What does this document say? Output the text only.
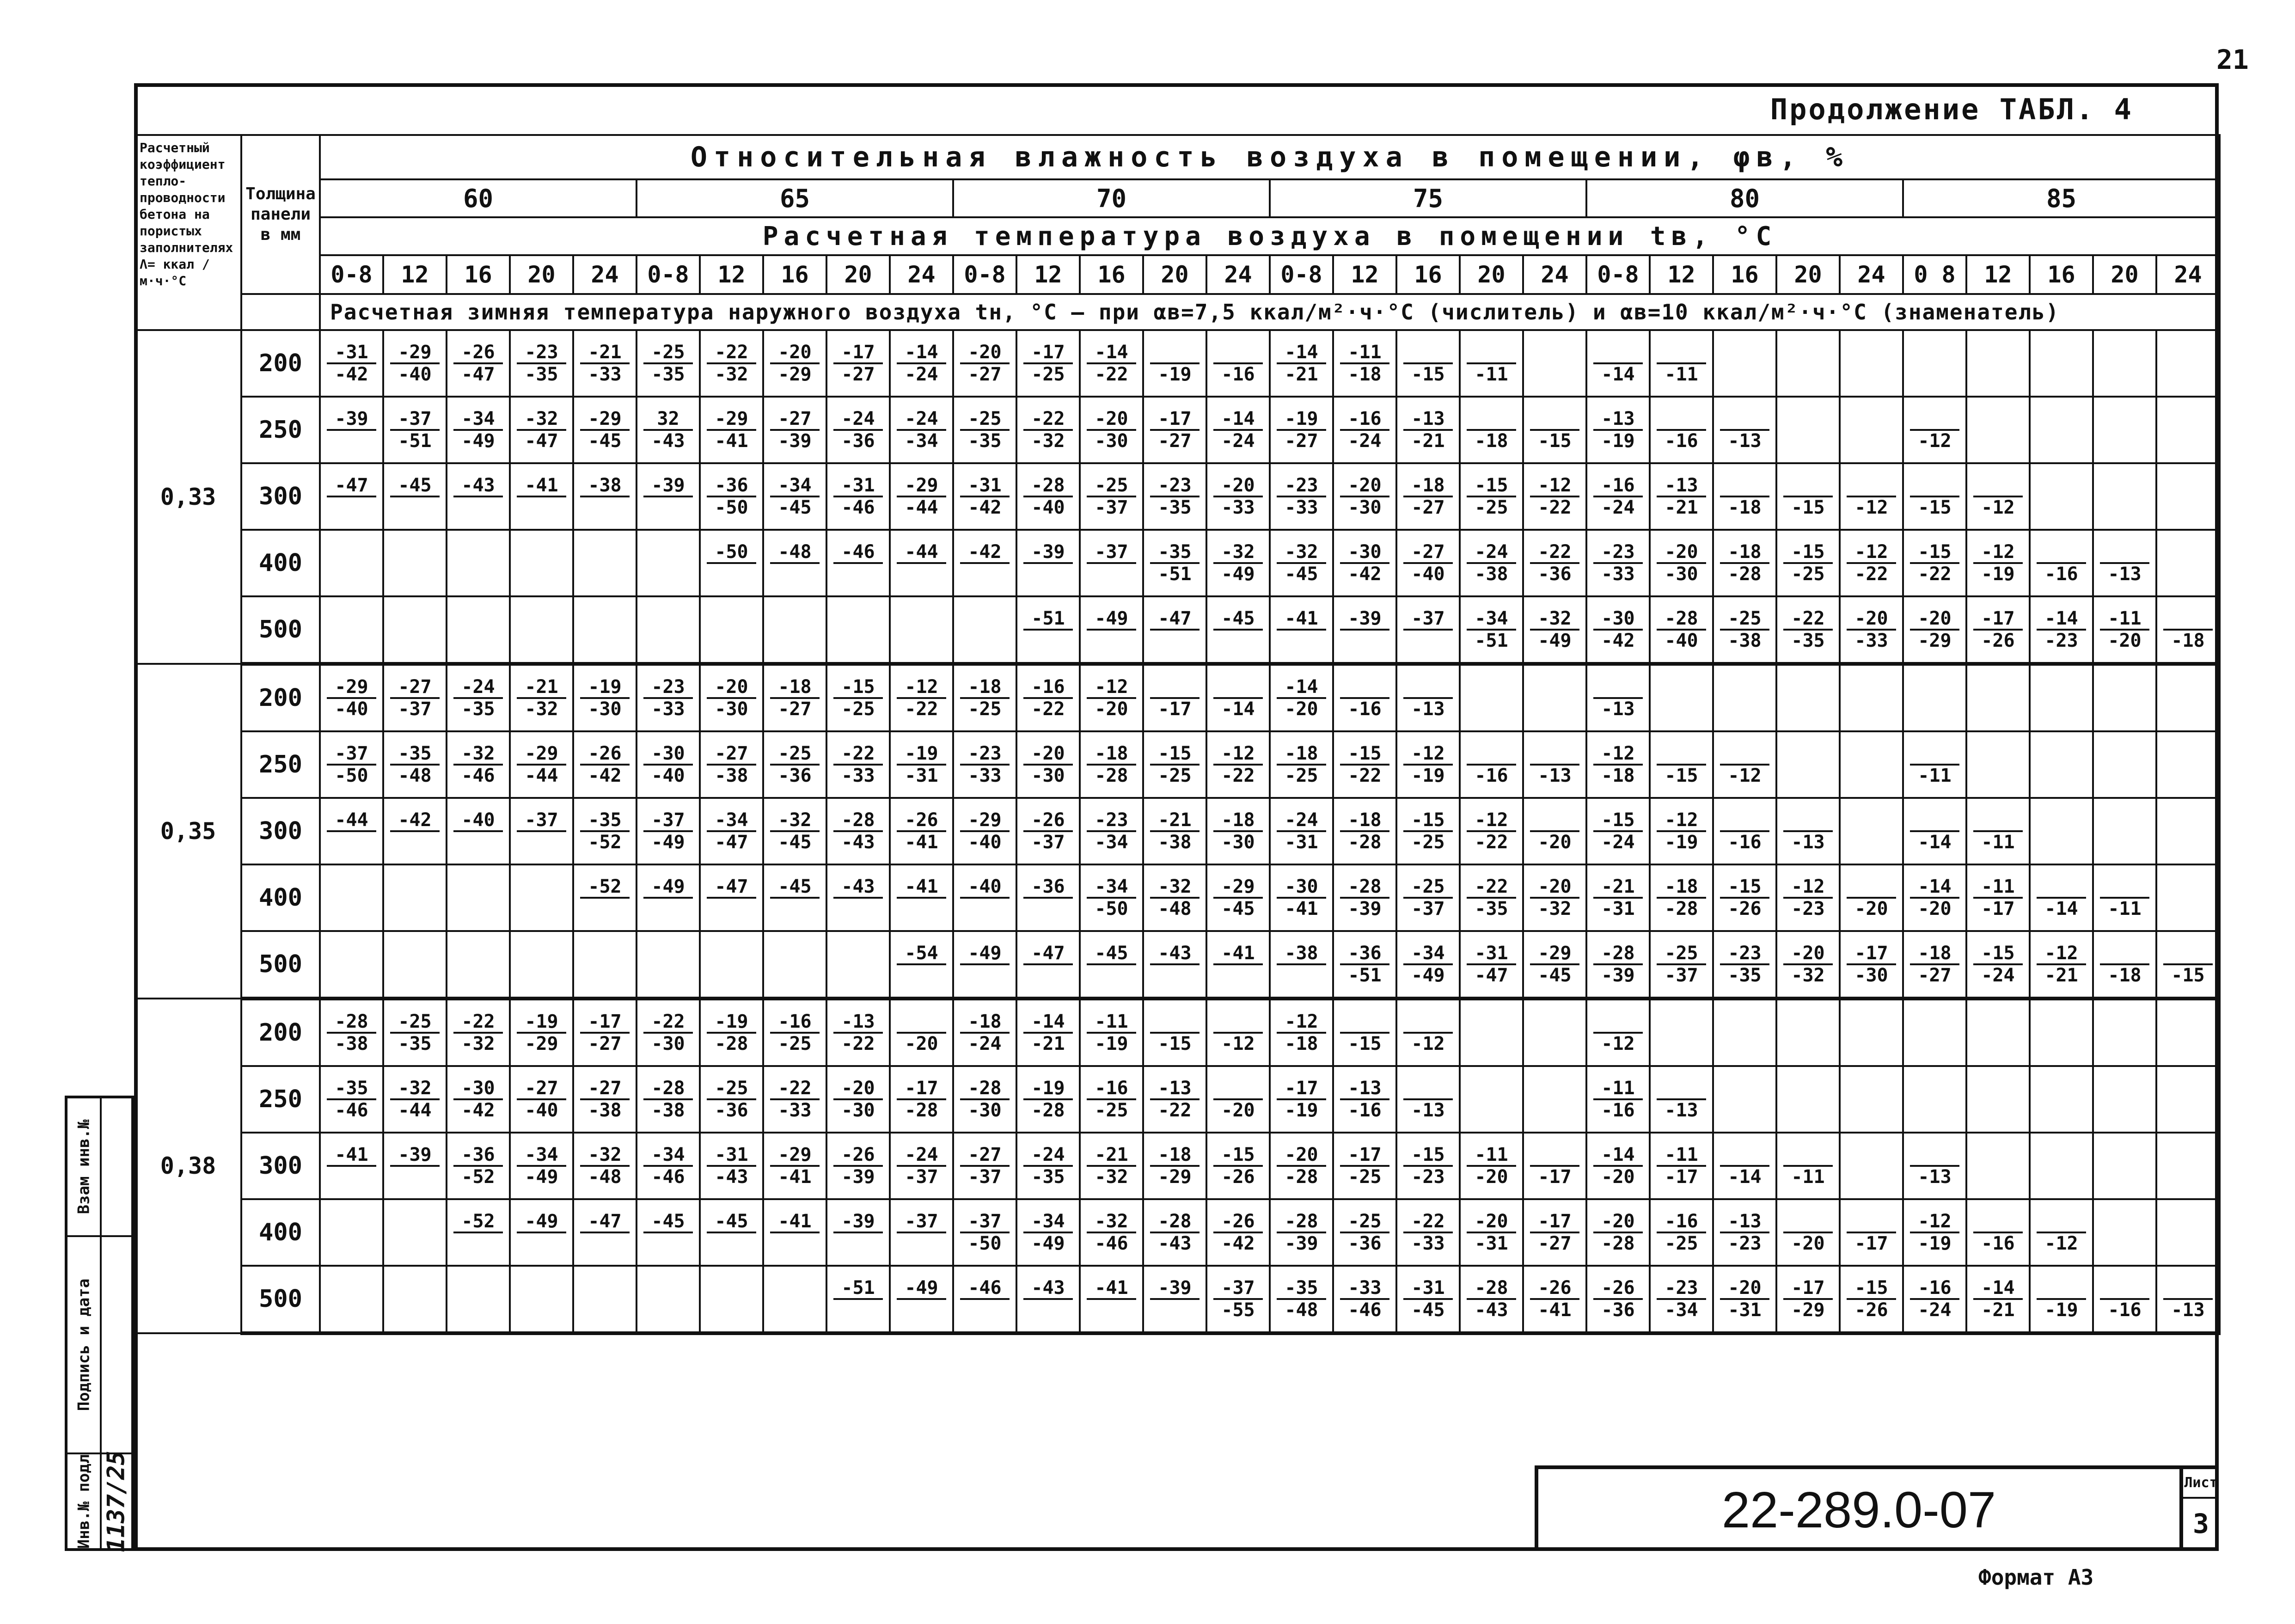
21
Продолжение ТАБЛ. 4
Расчетный коэффициент тепло-проводности бетона на пористых заполнителях Λ= ккал / м·ч·°С	Толщина панели в мм	Относительная влажность воздуха в помещении, φв, %																													
		60					65					70					75					80					85				
		Расчетная температура воздуха в помещении tв, °С																													
		0-8	12	16	20	24	0-8	12	16	20	24	0-8	12	16	20	24	0-8	12	16	20	24	0-8	12	16	20	24	0 8	12	16	20	24
		Расчетная зимняя температура наружного воздуха tн, °С – при αв=7,5 ккал/м²·ч·°С (числитель) и αв=10 ккал/м²·ч·°С (знаменатель)																													
0,33	200	$\frac{-31}{-42}$	$\frac{-29}{-40}$	$\frac{-26}{-47}$	$\frac{-23}{-35}$	$\frac{-21}{-33}$	$\frac{-25}{-35}$	$\frac{-22}{-32}$	$\frac{-20}{-29}$	$\frac{-17}{-27}$	$\frac{-14}{-24}$	$\frac{-20}{-27}$	$\frac{-17}{-25}$	$\frac{-14}{-22}$	-19	-16	$\frac{-14}{-21}$	$\frac{-11}{-18}$	-15	-11		-14	-11								

	250	-39	$\frac{-37}{-51}$	$\frac{-34}{-49}$	$\frac{-32}{-47}$	$\frac{-29}{-45}$	$\frac{32}{-43}$	$\frac{-29}{-41}$	$\frac{-27}{-39}$	$\frac{-24}{-36}$	$\frac{-24}{-34}$	$\frac{-25}{-35}$	$\frac{-22}{-32}$	$\frac{-20}{-30}$	$\frac{-17}{-27}$	$\frac{-14}{-24}$	$\frac{-19}{-27}$	$\frac{-16}{-24}$	$\frac{-13}{-21}$	-18	-15	$\frac{-13}{-19}$	-16	-13			-12				

	300	-47	-45	-43	-41	-38	-39	$\frac{-36}{-50}$	$\frac{-34}{-45}$	$\frac{-31}{-46}$	$\frac{-29}{-44}$	$\frac{-31}{-42}$	$\frac{-28}{-40}$	$\frac{-25}{-37}$	$\frac{-23}{-35}$	$\frac{-20}{-33}$	$\frac{-23}{-33}$	$\frac{-20}{-30}$	$\frac{-18}{-27}$	$\frac{-15}{-25}$	$\frac{-12}{-22}$	$\frac{-16}{-24}$	$\frac{-13}{-21}$	-18	-15	-12	-15	-12			

	400							-50	-48	-46	-44	-42	-39	-37	$\frac{-35}{-51}$	$\frac{-32}{-49}$	$\frac{-32}{-45}$	$\frac{-30}{-42}$	$\frac{-27}{-40}$	$\frac{-24}{-38}$	$\frac{-22}{-36}$	$\frac{-23}{-33}$	$\frac{-20}{-30}$	$\frac{-18}{-28}$	$\frac{-15}{-25}$	$\frac{-12}{-22}$	$\frac{-15}{-22}$	$\frac{-12}{-19}$	-16	-13	

	500												-51	-49	-47	-45	-41	-39	-37	$\frac{-34}{-51}$	$\frac{-32}{-49}$	$\frac{-30}{-42}$	$\frac{-28}{-40}$	$\frac{-25}{-38}$	$\frac{-22}{-35}$	$\frac{-20}{-33}$	$\frac{-20}{-29}$	$\frac{-17}{-26}$	$\frac{-14}{-23}$	$\frac{-11}{-20}$	-18

0,35	200	$\frac{-29}{-40}$	$\frac{-27}{-37}$	$\frac{-24}{-35}$	$\frac{-21}{-32}$	$\frac{-19}{-30}$	$\frac{-23}{-33}$	$\frac{-20}{-30}$	$\frac{-18}{-27}$	$\frac{-15}{-25}$	$\frac{-12}{-22}$	$\frac{-18}{-25}$	$\frac{-16}{-22}$	$\frac{-12}{-20}$	-17	-14	$\frac{-14}{-20}$	-16	-13			-13									

	250	$\frac{-37}{-50}$	$\frac{-35}{-48}$	$\frac{-32}{-46}$	$\frac{-29}{-44}$	$\frac{-26}{-42}$	$\frac{-30}{-40}$	$\frac{-27}{-38}$	$\frac{-25}{-36}$	$\frac{-22}{-33}$	$\frac{-19}{-31}$	$\frac{-23}{-33}$	$\frac{-20}{-30}$	$\frac{-18}{-28}$	$\frac{-15}{-25}$	$\frac{-12}{-22}$	$\frac{-18}{-25}$	$\frac{-15}{-22}$	$\frac{-12}{-19}$	-16	-13	$\frac{-12}{-18}$	-15	-12			-11				

	300	-44	-42	-40	-37	$\frac{-35}{-52}$	$\frac{-37}{-49}$	$\frac{-34}{-47}$	$\frac{-32}{-45}$	$\frac{-28}{-43}$	$\frac{-26}{-41}$	$\frac{-29}{-40}$	$\frac{-26}{-37}$	$\frac{-23}{-34}$	$\frac{-21}{-38}$	$\frac{-18}{-30}$	$\frac{-24}{-31}$	$\frac{-18}{-28}$	$\frac{-15}{-25}$	$\frac{-12}{-22}$	-20	$\frac{-15}{-24}$	$\frac{-12}{-19}$	-16	-13		-14	-11			

	400					-52	-49	-47	-45	-43	-41	-40	-36	$\frac{-34}{-50}$	$\frac{-32}{-48}$	$\frac{-29}{-45}$	$\frac{-30}{-41}$	$\frac{-28}{-39}$	$\frac{-25}{-37}$	$\frac{-22}{-35}$	$\frac{-20}{-32}$	$\frac{-21}{-31}$	$\frac{-18}{-28}$	$\frac{-15}{-26}$	$\frac{-12}{-23}$	-20	$\frac{-14}{-20}$	$\frac{-11}{-17}$	-14	-11	

	500										-54	-49	-47	-45	-43	-41	-38	$\frac{-36}{-51}$	$\frac{-34}{-49}$	$\frac{-31}{-47}$	$\frac{-29}{-45}$	$\frac{-28}{-39}$	$\frac{-25}{-37}$	$\frac{-23}{-35}$	$\frac{-20}{-32}$	$\frac{-17}{-30}$	$\frac{-18}{-27}$	$\frac{-15}{-24}$	$\frac{-12}{-21}$	-18	-15

0,38	200	$\frac{-28}{-38}$	$\frac{-25}{-35}$	$\frac{-22}{-32}$	$\frac{-19}{-29}$	$\frac{-17}{-27}$	$\frac{-22}{-30}$	$\frac{-19}{-28}$	$\frac{-16}{-25}$	$\frac{-13}{-22}$	-20	$\frac{-18}{-24}$	$\frac{-14}{-21}$	$\frac{-11}{-19}$	-15	-12	$\frac{-12}{-18}$	-15	-12			-12									

	250	$\frac{-35}{-46}$	$\frac{-32}{-44}$	$\frac{-30}{-42}$	$\frac{-27}{-40}$	$\frac{-27}{-38}$	$\frac{-28}{-38}$	$\frac{-25}{-36}$	$\frac{-22}{-33}$	$\frac{-20}{-30}$	$\frac{-17}{-28}$	$\frac{-28}{-30}$	$\frac{-19}{-28}$	$\frac{-16}{-25}$	$\frac{-13}{-22}$	-20	$\frac{-17}{-19}$	$\frac{-13}{-16}$	-13			$\frac{-11}{-16}$	-13								

	300	-41	-39	$\frac{-36}{-52}$	$\frac{-34}{-49}$	$\frac{-32}{-48}$	$\frac{-34}{-46}$	$\frac{-31}{-43}$	$\frac{-29}{-41}$	$\frac{-26}{-39}$	$\frac{-24}{-37}$	$\frac{-27}{-37}$	$\frac{-24}{-35}$	$\frac{-21}{-32}$	$\frac{-18}{-29}$	$\frac{-15}{-26}$	$\frac{-20}{-28}$	$\frac{-17}{-25}$	$\frac{-15}{-23}$	$\frac{-11}{-20}$	-17	$\frac{-14}{-20}$	$\frac{-11}{-17}$	-14	-11		-13				

	400			-52	-49	-47	-45	-45	-41	-39	-37	$\frac{-37}{-50}$	$\frac{-34}{-49}$	$\frac{-32}{-46}$	$\frac{-28}{-43}$	$\frac{-26}{-42}$	$\frac{-28}{-39}$	$\frac{-25}{-36}$	$\frac{-22}{-33}$	$\frac{-20}{-31}$	$\frac{-17}{-27}$	$\frac{-20}{-28}$	$\frac{-16}{-25}$	$\frac{-13}{-23}$	-20	-17	$\frac{-12}{-19}$	-16	-12		

	500									-51	-49	-46	-43	-41	-39	$\frac{-37}{-55}$	$\frac{-35}{-48}$	$\frac{-33}{-46}$	$\frac{-31}{-45}$	$\frac{-28}{-43}$	$\frac{-26}{-41}$	$\frac{-26}{-36}$	$\frac{-23}{-34}$	$\frac{-20}{-31}$	$\frac{-17}{-29}$	$\frac{-15}{-26}$	$\frac{-16}{-24}$	$\frac{-14}{-21}$	-19	-16	-13
22-289.0-07	Лист
3
Формат А3
Взам инв.№
Подпись и дата
Инв.№ подл 1137/25
